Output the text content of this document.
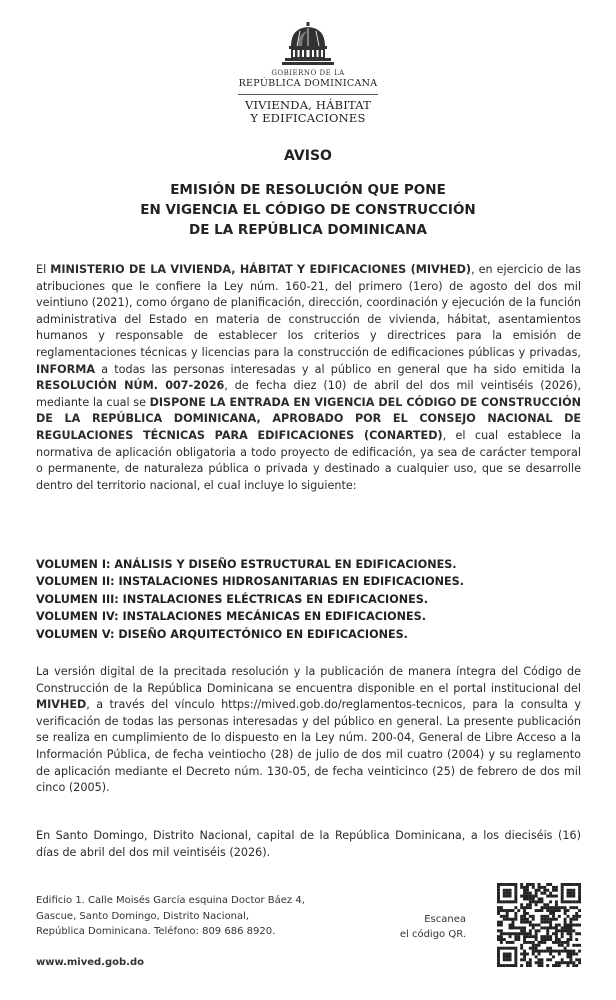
GOBIERNO DE LA
REPÚBLICA DOMINICANA
VIVIENDA, HÁBITAT
Y EDIFICACIONES
AVISO
EMISIÓN DE RESOLUCIÓN QUE PONE
EN VIGENCIA EL CÓDIGO DE CONSTRUCCIÓN
DE LA REPÚBLICA DOMINICANA
El MINISTERIO DE LA VIVIENDA, HÁBITAT Y EDIFICACIONES (MIVHED), en ejercicio de las atribuciones que le confiere la Ley núm. 160-21, del primero (1ero) de agosto del dos mil veintiuno (2021), como órgano de planificación, dirección, coordinación y ejecución de la función administrativa del Estado en materia de construcción de vivienda, hábitat, asentamientos humanos y responsable de establecer los criterios y directrices para la emisión de reglamentaciones técnicas y licencias para la construcción de edificaciones públicas y privadas, INFORMA a todas las personas interesadas y al público en general que ha sido emitida la RESOLUCIÓN NÚM. 007-2026, de fecha diez (10) de abril del dos mil veintiséis (2026), mediante la cual se DISPONE LA ENTRADA EN VIGENCIA DEL CÓDIGO DE CONSTRUCCIÓN DE LA REPÚBLICA DOMINICANA, APROBADO POR EL CONSEJO NACIONAL DE REGULACIONES TÉCNICAS PARA EDIFICACIONES (CONARTED), el cual establece la normativa de aplicación obligatoria a todo proyecto de edificación, ya sea de carácter temporal o permanente, de naturaleza pública o privada y destinado a cualquier uso, que se desarrolle dentro del territorio nacional, el cual incluye lo siguiente:
VOLUMEN I: ANÁLISIS Y DISEÑO ESTRUCTURAL EN EDIFICACIONES.
VOLUMEN II: INSTALACIONES HIDROSANITARIAS EN EDIFICACIONES.
VOLUMEN III: INSTALACIONES ELÉCTRICAS EN EDIFICACIONES.
VOLUMEN IV: INSTALACIONES MECÁNICAS EN EDIFICACIONES.
VOLUMEN V: DISEÑO ARQUITECTÓNICO EN EDIFICACIONES.
La versión digital de la precitada resolución y la publicación de manera íntegra del Código de Construcción de la República Dominicana se encuentra disponible en el portal institucional del MIVHED, a través del vínculo https://mived.gob.do/reglamentos-tecnicos, para la consulta y verificación de todas las personas interesadas y del público en general. La presente publicación se realiza en cumplimiento de lo dispuesto en la Ley núm. 200-04, General de Libre Acceso a la Información Pública, de fecha veintiocho (28) de julio de dos mil cuatro (2004) y su reglamento de aplicación mediante el Decreto núm. 130-05, de fecha veinticinco (25) de febrero de dos mil cinco (2005).
En Santo Domingo, Distrito Nacional, capital de la República Dominicana, a los dieciséis (16) días de abril del dos mil veintiséis (2026).
Edificio 1. Calle Moisés García esquina Doctor Báez 4,
Gascue, Santo Domingo, Distrito Nacional,
República Dominicana. Teléfono: 809 686 8920.
www.mived.gob.do
Escanea
el código QR.
